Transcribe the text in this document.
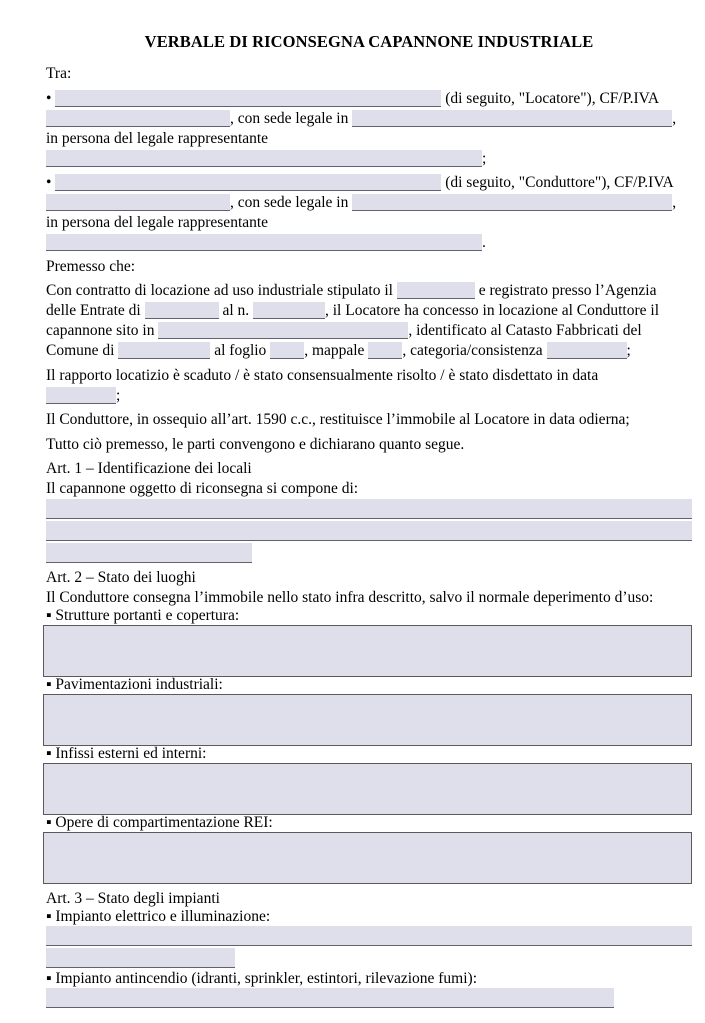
VERBALE DI RICONSEGNA CAPANNONE INDUSTRIALE
Tra:
•	(di seguito, "Locatore"), CF/P.IVA
, con sede legale in	,
in persona del legale rappresentante
;
•	(di seguito, "Conduttore"), CF/P.IVA
, con sede legale in	,
in persona del legale rappresentante
.
Premesso che:
Con contratto di locazione ad uso industriale stipulato il	e registrato presso l’Agenzia
delle Entrate di	al n.	, il Locatore ha concesso in locazione al Conduttore il
capannone sito in	, identificato al Catasto Fabbricati del
Comune di	al foglio , mappale , categoria/consistenza	;
Il rapporto locatizio è scaduto / è stato consensualmente risolto / è stato disdettato in data
;
Il Conduttore, in ossequio all’art. 1590 c.c., restituisce l’immobile al Locatore in data odierna;
Tutto ciò premesso, le parti convengono e dichiarano quanto segue.
Art. 1 – Identificazione dei locali
Il capannone oggetto di riconsegna si compone di:
Art. 2 – Stato dei luoghi
Il Conduttore consegna l’immobile nello stato infra descritto, salvo il normale deperimento d’uso:
▪ Strutture portanti e copertura:
▪ Pavimentazioni industriali:
▪ Infissi esterni ed interni:
▪ Opere di compartimentazione REI:
Art. 3 – Stato degli impianti
▪ Impianto elettrico e illuminazione:
▪ Impianto antincendio (idranti, sprinkler, estintori, rilevazione fumi):
